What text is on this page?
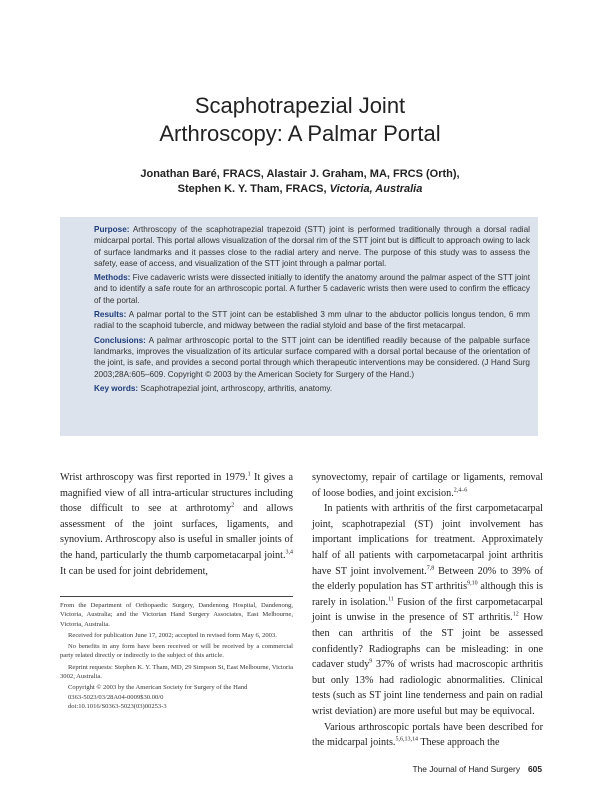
Scaphotrapezial Joint
Arthroscopy: A Palmar Portal
Jonathan Baré, FRACS, Alastair J. Graham, MA, FRCS (Orth),
Stephen K. Y. Tham, FRACS, Victoria, Australia

Purpose: Arthroscopy of the scaphotrapezial trapezoid (STT) joint is performed traditionally through a dorsal radial midcarpal portal. This portal allows visualization of the dorsal rim of the STT joint but is difficult to approach owing to lack of surface landmarks and it passes close to the radial artery and nerve. The purpose of this study was to assess the safety, ease of access, and visualization of the STT joint through a palmar portal.

Methods: Five cadaveric wrists were dissected initially to identify the anatomy around the palmar aspect of the STT joint and to identify a safe route for an arthroscopic portal. A further 5 cadaveric wrists then were used to confirm the efficacy of the portal.

Results: A palmar portal to the STT joint can be established 3 mm ulnar to the abductor pollicis longus tendon, 6 mm radial to the scaphoid tubercle, and midway between the radial styloid and base of the first metacarpal.

Conclusions: A palmar arthroscopic portal to the STT joint can be identified readily because of the palpable surface landmarks, improves the visualization of its articular surface compared with a dorsal portal because of the orientation of the joint, is safe, and provides a second portal through which therapeutic interventions may be considered. (J Hand Surg 2003;28A:605–609. Copyright © 2003 by the American Society for Surgery of the Hand.)

Key words: Scaphotrapezial joint, arthroscopy, arthritis, anatomy.

Wrist arthroscopy was first reported in 1979.$^1$ It gives a magnified view of all intra-articular structures including those difficult to see at arthrotomy$^2$ and allows assessment of the joint surfaces, ligaments, and synovium. Arthroscopy also is useful in smaller joints of the hand, particularly the thumb carpometacarpal joint.$^{3,4}$ It can be used for joint debridement,

From the Department of Orthopaedic Surgery, Dandenong Hospital, Dandenong, Victoria, Australia; and the Victorian Hand Surgery Associates, East Melbourne, Victoria, Australia.

Received for publication June 17, 2002; accepted in revised form May 6, 2003.

No benefits in any form have been received or will be received by a commercial party related directly or indirectly to the subject of this article.

Reprint requests: Stephen K. Y. Tham, MD, 29 Simpson St, East Melbourne, Victoria 3002, Australia.

Copyright © 2003 by the American Society for Surgery of the Hand

0363-5023/03/28A04-0009$30.00/0

doi:10.1016/S0363-5023(03)00253-3

synovectomy, repair of cartilage or ligaments, removal of loose bodies, and joint excision.$^{2,4-6}$

In patients with arthritis of the first carpometacarpal joint, scaphotrapezial (ST) joint involvement has important implications for treatment. Approximately half of all patients with carpometacarpal joint arthritis have ST joint involvement.$^{7,8}$ Between 20% to 39% of the elderly population has ST arthritis$^{9,10}$ although this is rarely in isolation.$^{11}$ Fusion of the first carpometacarpal joint is unwise in the presence of ST arthritis.$^{12}$ How then can arthritis of the ST joint be assessed confidently? Radiographs can be misleading: in one cadaver study$^9$ 37% of wrists had macroscopic arthritis but only 13% had radiologic abnormalities. Clinical tests (such as ST joint line tenderness and pain on radial wrist deviation) are more useful but may be equivocal.

Various arthroscopic portals have been described for the midcarpal joints.$^{5,6,13,14}$ These approach the

The Journal of Hand Surgery 605
